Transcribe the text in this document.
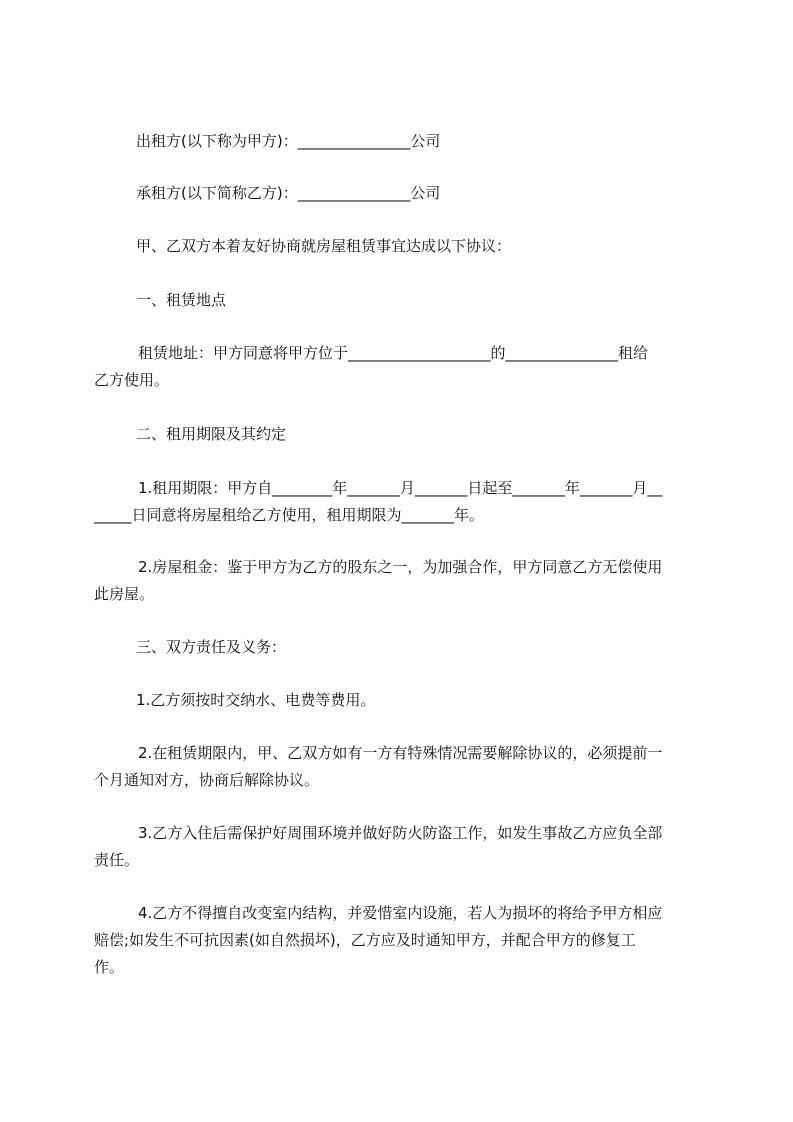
出租方(以下称为甲方)：_______________公司
承租方(以下简称乙方)：_______________公司
甲、乙双方本着友好协商就房屋租赁事宜达成以下协议：
一、租赁地点
租赁地址：甲方同意将甲方位于___________________的_______________租给
乙方使用。
二、租用期限及其约定
1.租用期限：甲方自________年_______月_______日起至_______年_______月__
_____日同意将房屋租给乙方使用，租用期限为_______年。
2.房屋租金：鉴于甲方为乙方的股东之一，为加强合作，甲方同意乙方无偿使用
此房屋。
三、双方责任及义务：
1.乙方须按时交纳水、电费等费用。
2.在租赁期限内，甲、乙双方如有一方有特殊情况需要解除协议的，必须提前一
个月通知对方，协商后解除协议。
3.乙方入住后需保护好周围环境并做好防火防盗工作，如发生事故乙方应负全部
责任。
4.乙方不得擅自改变室内结构，并爱惜室内设施，若人为损坏的将给予甲方相应
赔偿;如发生不可抗因素(如自然损坏)，乙方应及时通知甲方，并配合甲方的修复工
作。
